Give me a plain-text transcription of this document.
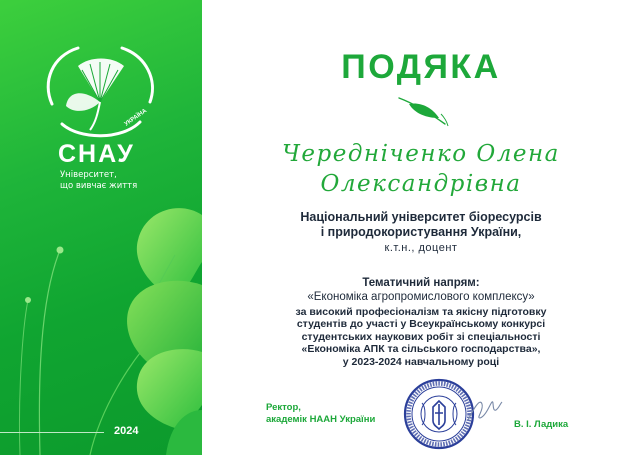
УКРАЇНА
СНАУ
Університет,
що вивчає життя
2024
ПОДЯКА
Чередніченко Олена
Олександрівна
Національний університет біоресурсів
і природокористування України,
к.т.н., доцент
Тематичний напрям:
«Економіка агропромислового комплексу»
за високий професіоналізм та якісну підготовку
студентів до участі у Всеукраїнському конкурсі
студентських наукових робіт зі спеціальності
«Економіка АПК та сільського господарства»,
у 2023-2024 навчальному році
Ректор,
академік НААН України	В. І. Ладика
